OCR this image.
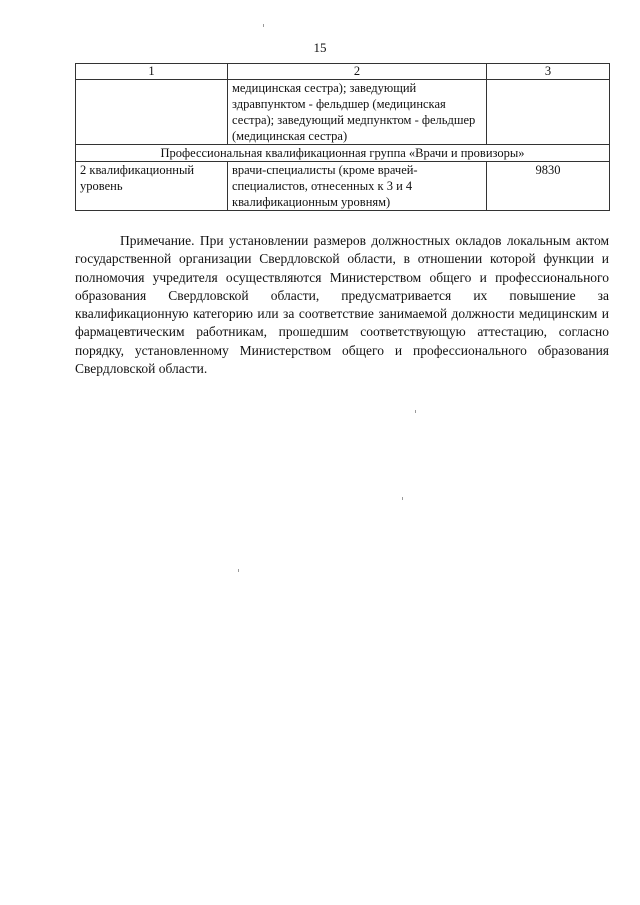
15
1	2	3
	медицинская сестра); заведующий здравпунктом - фельдшер (медицинская сестра); заведующий медпунктом - фельдшер (медицинская сестра)	
Профессиональная квалификационная группа «Врачи и провизоры»		
2 квалификационный уровень	врачи-специалисты (кроме врачей-специалистов, отнесенных к 3 и 4 квалификационным уровням)	9830

Примечание. При установлении размеров должностных окладов локальным актом государственной организации Свердловской области, в отношении которой функции и полномочия учредителя осуществляются Министерством общего и профессионального образования Свердловской области, предусматривается их повышение за квалификационную категорию или за соответствие занимаемой должности медицинским и фармацевтическим работникам, прошедшим соответствующую аттестацию, согласно порядку, установленному Министерством общего и профессионального образования Свердловской области.
